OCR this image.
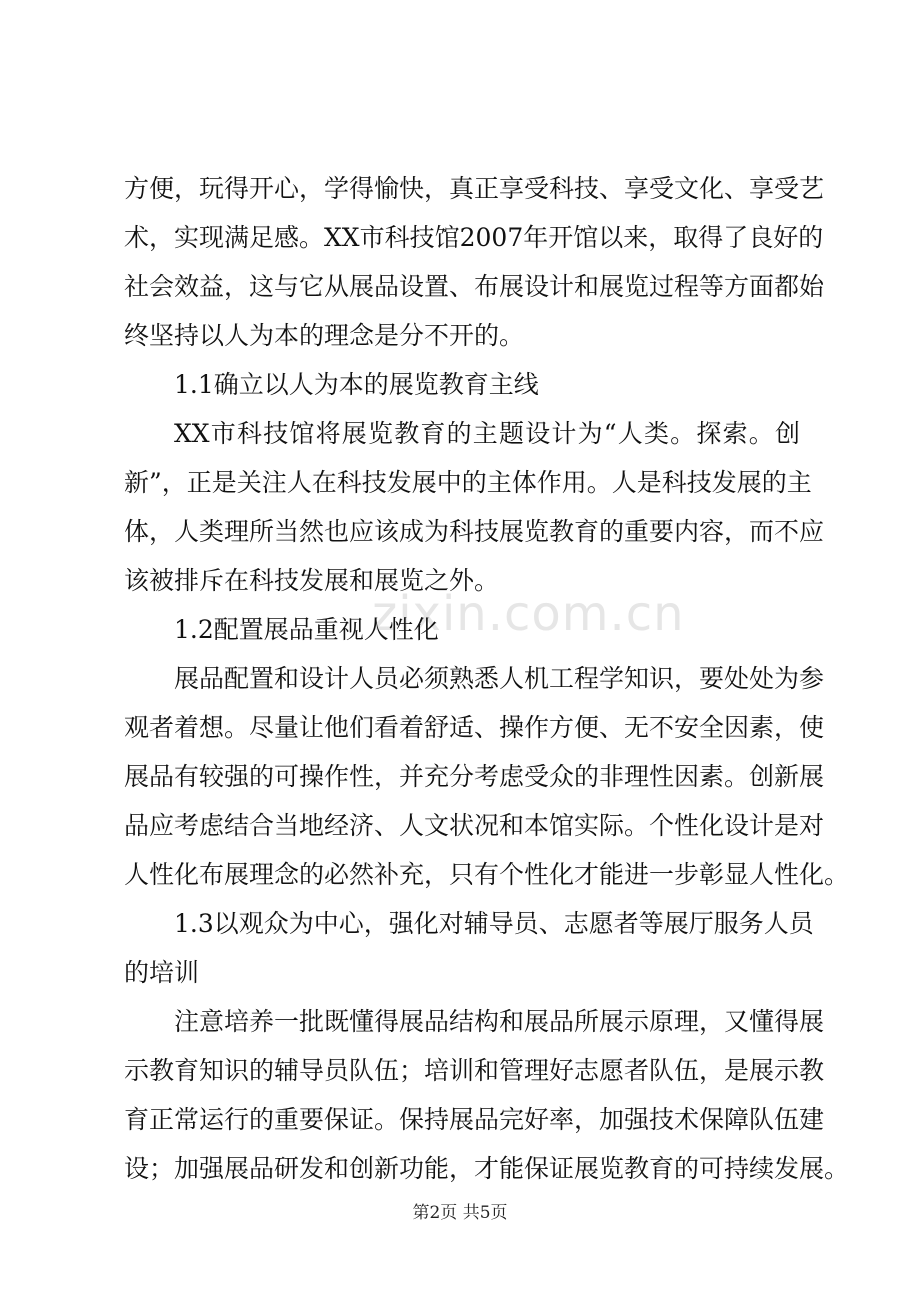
zixin.com.cn
方便，玩得开心，学得愉快，真正享受科技、享受文化、享受艺
术，实现满足感。XX市科技馆2007年开馆以来，取得了良好的
社会效益，这与它从展品设置、布展设计和展览过程等方面都始
终坚持以人为本的理念是分不开的。
1.1确立以人为本的展览教育主线
XX市科技馆将展览教育的主题设计为“人类。探索。创
新”，正是关注人在科技发展中的主体作用。人是科技发展的主
体，人类理所当然也应该成为科技展览教育的重要内容，而不应
该被排斥在科技发展和展览之外。
1.2配置展品重视人性化
展品配置和设计人员必须熟悉人机工程学知识，要处处为参
观者着想。尽量让他们看着舒适、操作方便、无不安全因素，使
展品有较强的可操作性，并充分考虑受众的非理性因素。创新展
品应考虑结合当地经济、人文状况和本馆实际。个性化设计是对
人性化布展理念的必然补充，只有个性化才能进一步彰显人性化。
1.3以观众为中心，强化对辅导员、志愿者等展厅服务人员
的培训
注意培养一批既懂得展品结构和展品所展示原理，又懂得展
示教育知识的辅导员队伍；培训和管理好志愿者队伍，是展示教
育正常运行的重要保证。保持展品完好率，加强技术保障队伍建
设；加强展品研发和创新功能，才能保证展览教育的可持续发展。
第2页 共5页
